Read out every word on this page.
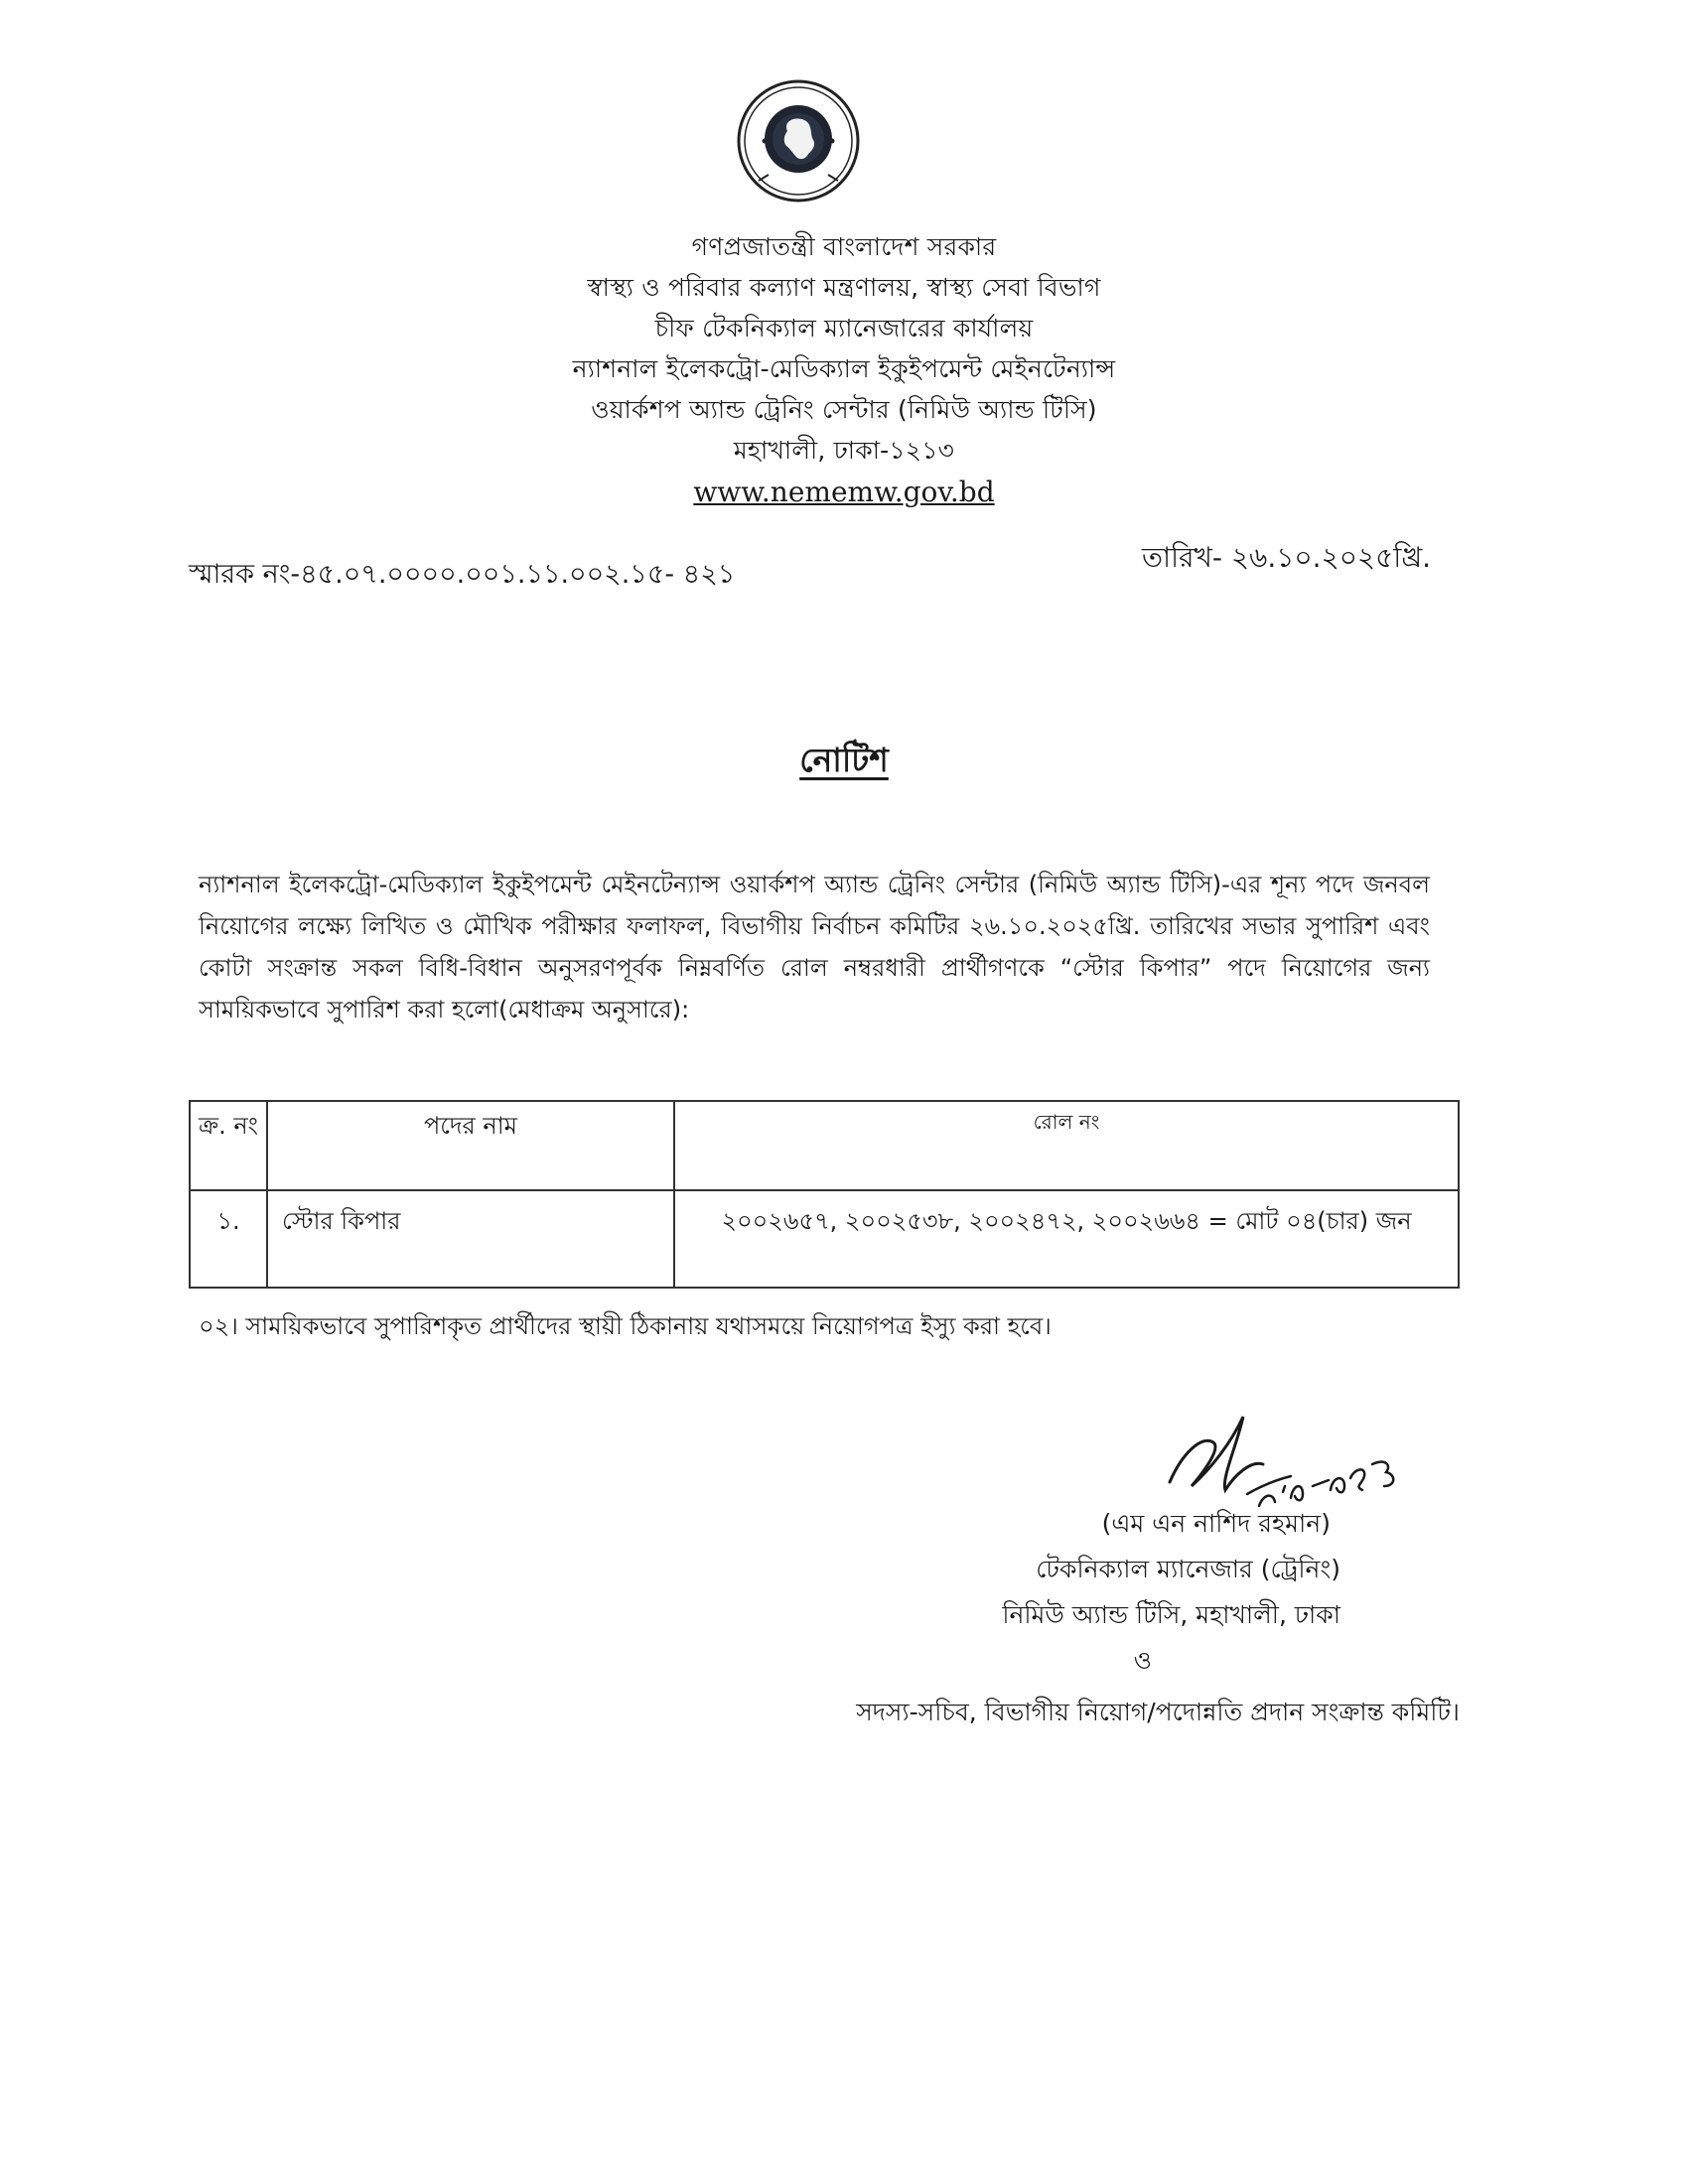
গণপ্রজাতন্ত্রী বাংলাদেশ সরকার
স্বাস্থ্য ও পরিবার কল্যাণ মন্ত্রণালয়, স্বাস্থ্য সেবা বিভাগ
চীফ টেকনিক্যাল ম্যানেজারের কার্যালয়
ন্যাশনাল ইলেকট্রো-মেডিক্যাল ইকুইপমেন্ট মেইনটেন্যান্স
ওয়ার্কশপ অ্যান্ড ট্রেনিং সেন্টার (নিমিউ অ্যান্ড টিসি)
মহাখালী, ঢাকা-১২১৩
www.nememw.gov.bd
স্মারক নং-৪৫.০৭.০০০০.০০১.১১.০০২.১৫- ৪২১
তারিখ- ২৬.১০.২০২৫খ্রি.
নোটিশ
ন্যাশনাল ইলেকট্রো-মেডিক্যাল ইকুইপমেন্ট মেইনটেন্যান্স ওয়ার্কশপ অ্যান্ড ট্রেনিং সেন্টার (নিমিউ অ্যান্ড টিসি)-এর শূন্য পদে জনবল নিয়োগের লক্ষ্যে লিখিত ও মৌখিক পরীক্ষার ফলাফল, বিভাগীয় নির্বাচন কমিটির ২৬.১০.২০২৫খ্রি. তারিখের সভার সুপারিশ এবং কোটা সংক্রান্ত সকল বিধি-বিধান অনুসরণপূর্বক নিম্নবর্ণিত রোল নম্বরধারী প্রার্থীগণকে “স্টোর কিপার” পদে নিয়োগের জন্য সাময়িকভাবে সুপারিশ করা হলো(মেধাক্রম অনুসারে):
ক্র. নং	পদের নাম	রোল নং
১.	স্টোর কিপার	২০০২৬৫৭, ২০০২৫৩৮, ২০০২৪৭২, ২০০২৬৬৪ = মোট ০৪(চার) জন
০২। সাময়িকভাবে সুপারিশকৃত প্রার্থীদের স্থায়ী ঠিকানায় যথাসময়ে নিয়োগপত্র ইস্যু করা হবে।
(এম এন নাশিদ রহমান)
টেকনিক্যাল ম্যানেজার (ট্রেনিং)
নিমিউ অ্যান্ড টিসি, মহাখালী, ঢাকা
ও
সদস্য-সচিব, বিভাগীয় নিয়োগ/পদোন্নতি প্রদান সংক্রান্ত কমিটি।
